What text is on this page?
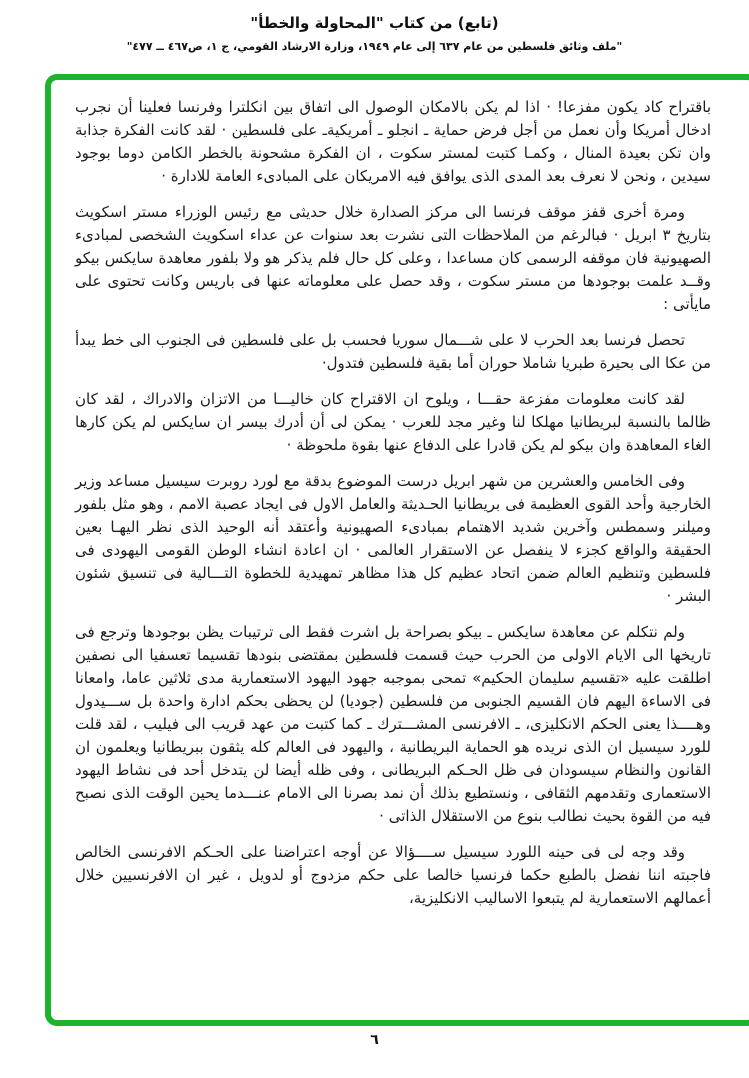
(تابع) من كتاب "المحاولة والخطأ"
"ملف وثائق فلسطين من عام ٦٣٧ إلى عام ١٩٤٩، وزارة الارشاد القومي، ج ١، ص٤٦٧ ــ ٤٧٧"

باقتراح كاد يكون مفزعا! · اذا لم يكن بالامكان الوصول الى اتفاق بين انكلترا وفرنسا فعلينا أن نجرب ادخال أمريكا وأن نعمل من أجل فرض حماية ـ انجلو ـ أمريكيةـ على فلسطين · لقد كانت الفكرة جذابة وان تكن بعيدة المنال ، وكمـا كتبت لمستر سكوت ، ان الفكرة مشحونة بالخطر الكامن دوما بوجود سيدين ، ونحن لا نعرف بعد المدى الذى يوافق فيه الامريكان على المبادىء العامة للادارة ·

ومرة أخرى قفز موقف فرنسا الى مركز الصدارة خلال حديثى مع رئيس الوزراء مستر اسكويث بتاريخ ٣ ابريل · فبالرغم من الملاحظات التى نشرت بعد سنوات عن عداء اسكويث الشخصى لمبادىء الصهيونية فان موقفه الرسمى كان مساعدا ، وعلى كل حال فلم يذكر هو ولا بلفور معاهدة سايكس بيكو وقــد علمت بوجودها من مستر سكوت ، وقد حصل على معلوماته عنها فى باريس وكانت تحتوى على مايأتى :

تحصل فرنسا بعد الحرب لا على شـــمال سوريا فحسب بل على فلسطين فى الجنوب الى خط يبدأ من عكا الى بحيرة طبريا شاملا حوران أما بقية فلسطين فتدول·

لقد كانت معلومات مفزعة حقـــا ، ويلوح ان الاقتراح كان خاليـــا من الاتزان والادراك ، لقد كان ظالما بالنسبة لبريطانيا مهلكا لنا وغير مجد للعرب · يمكن لى أن أدرك بيسر ان سايكس لم يكن كارها الغاء المعاهدة وان بيكو لم يكن قادرا على الدفاع عنها بقوة ملحوظة ·

وفى الخامس والعشرين من شهر ابريل درست الموضوع بدقة مع لورد روبرت سيسيل مساعد وزير الخارجية وأحد القوى العظيمة فى بريطانيا الحـديثة والعامل الاول فى ايجاد عصبة الامم ، وهو مثل بلفور وميلنر وسمطس وآخرين شديد الاهتمام بمبادىء الصهيونية وأعتقد أنه الوحيد الذى نظر اليهـا بعين الحقيقة والواقع كجزء لا ينفصل عن الاستقرار العالمى · ان اعادة انشاء الوطن القومى اليهودى فى فلسطين وتنظيم العالم ضمن اتحاد عظيم كل هذا مظاهر تمهيدية للخطوة التـــالية فى تنسيق شئون البشر ·

ولم نتكلم عن معاهدة سايكس ـ بيكو بصراحة بل اشرت فقط الى ترتيبات يظن بوجودها وترجع فى تاريخها الى الايام الاولى من الحرب حيث قسمت فلسطين بمقتضى بنودها تقسيما تعسفيا الى نصفين اطلقت عليه «تقسيم سليمان الحكيم» تمحى بموجبه جهود اليهود الاستعمارية مدى ثلاثين عاما، وامعانا فى الاساءة اليهم فان القسيم الجنوبى من فلسطين (جوديا) لن يحظى بحكم ادارة واحدة بل ســـيدول وهــــذا يعنى الحكم الانكليزى، ـ الافرنسى المشـــترك ـ كما كتبت من عهد قريب الى فيليب ، لقد قلت للورد سيسيل ان الذى نريده هو الحماية البريطانية ، واليهود فى العالم كله يثقون ببريطانيا ويعلمون ان القانون والنظام سيسودان فى ظل الحـكم البريطانى ، وفى ظله أيضا لن يتدخل أحد فى نشاط اليهود الاستعمارى وتقدمهم الثقافى ، ونستطيع بذلك أن نمد بصرنا الى الامام عنـــدما يحين الوقت الذى نصبح فيه من القوة بحيث نطالب بنوع من الاستقلال الذاتى ·

وقد وجه لى فى حينه اللورد سيسيل ســــؤالا عن أوجه اعتراضنا على الحـكم الافرنسى الخالص فاجبته اننا نفضل بالطبع حكما فرنسيا خالصا على حكم مزدوج أو لدويل ، غير ان الافرنسيين خلال أعمالهم الاستعمارية لم يتبعوا الاساليب الانكليزية،

٦
